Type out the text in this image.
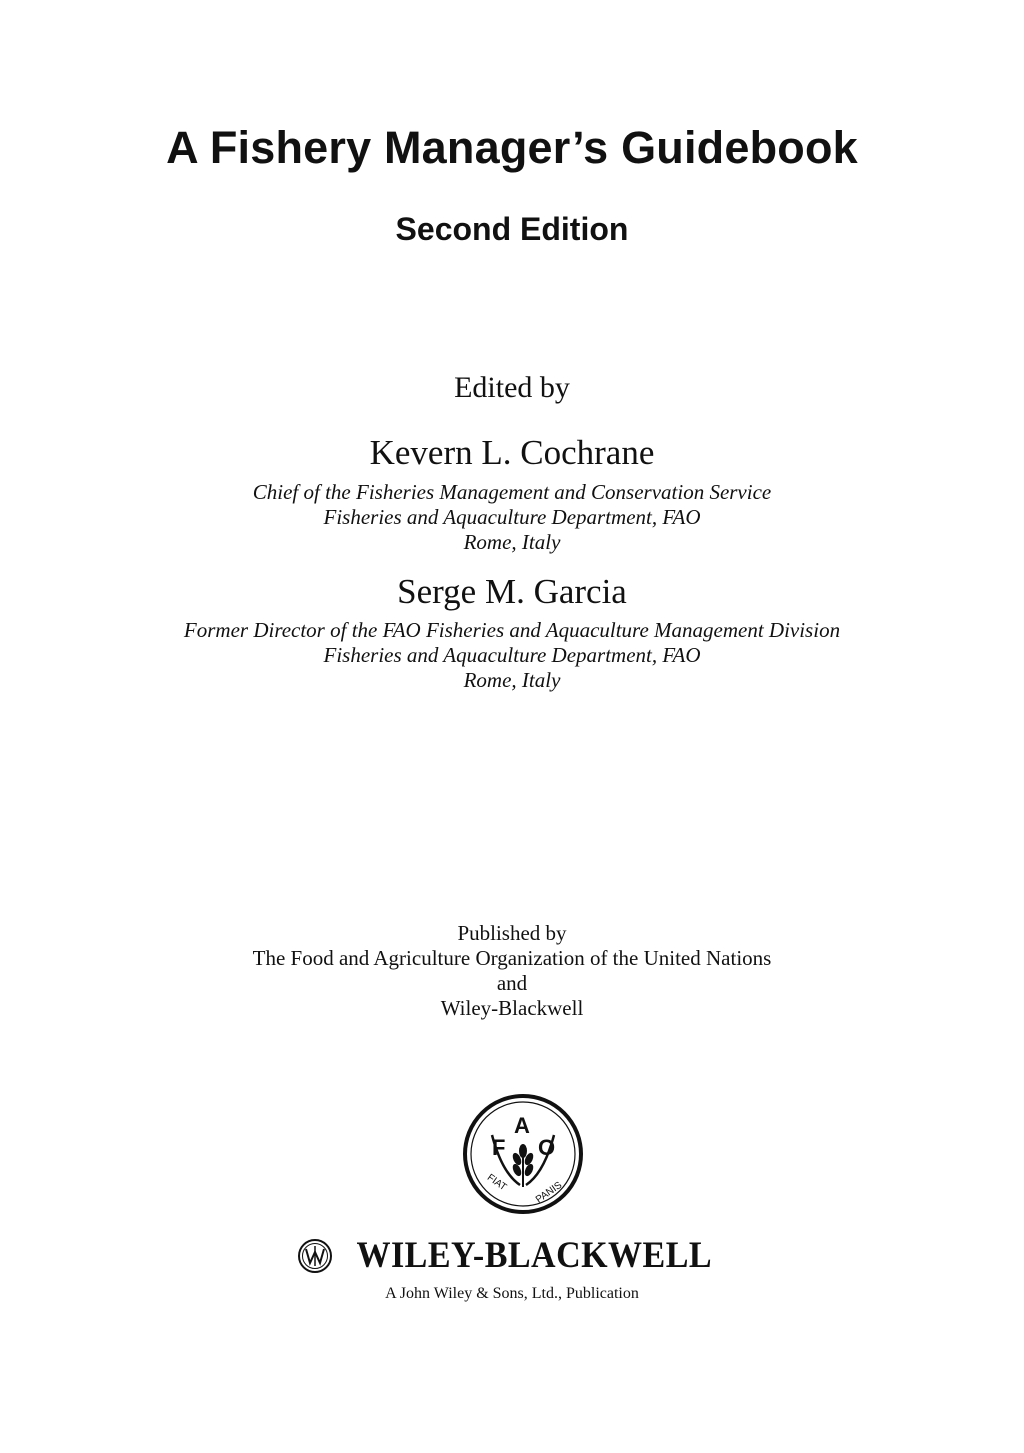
A Fishery Manager’s Guidebook
Second Edition
Edited by
Kevern L. Cochrane
Chief of the Fisheries Management and Conservation Service
Fisheries and Aquaculture Department, FAO
Rome, Italy
Serge M. Garcia
Former Director of the FAO Fisheries and Aquaculture Management Division
Fisheries and Aquaculture Department, FAO
Rome, Italy
Published by
The Food and Agriculture Organization of the United Nations
and
Wiley-Blackwell
F
A
O
FIAT	PANIS
WILEY-BLACKWELL
A John Wiley & Sons, Ltd., Publication
